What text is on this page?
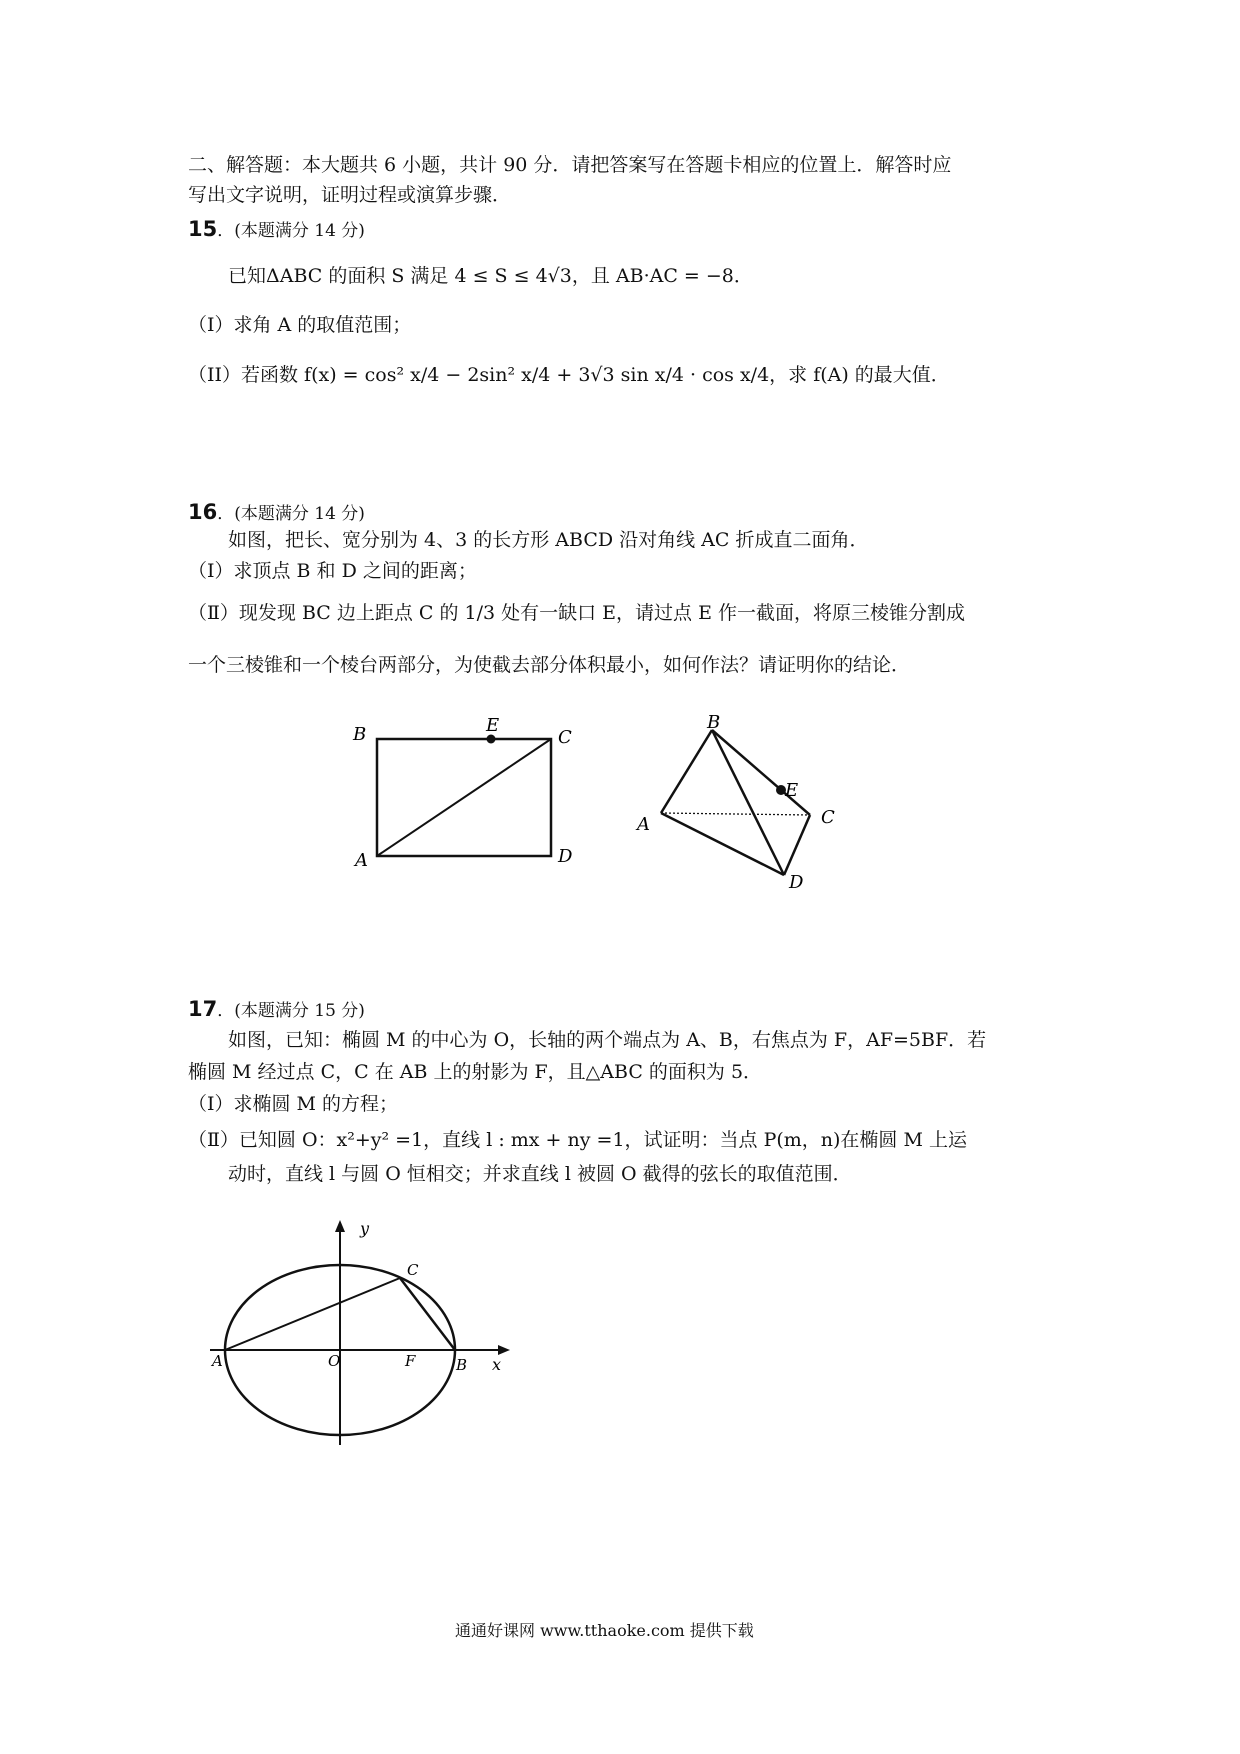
二、解答题：本大题共 6 小题，共计 90 分．请把答案写在答题卡相应的位置上．解答时应
写出文字说明，证明过程或演算步骤．
15．(本题满分 14 分)
已知ΔABC 的面积 S 满足 4 ≤ S ≤ 4√3，且 AB·AC = −8．
（I）求角 A 的取值范围；
（II）若函数 f(x) = cos² x/4 − 2sin² x/4 + 3√3 sin x/4 · cos x/4，求 f(A) 的最大值．
16．(本题满分 14 分)
如图，把长、宽分别为 4、3 的长方形 ABCD 沿对角线 AC 折成直二面角．
（Ⅰ）求顶点 B 和 D 之间的距离；
（Ⅱ）现发现 BC 边上距点 C 的 1/3 处有一缺口 E，请过点 E 作一截面，将原三棱锥分割成
一个三棱锥和一个棱台两部分，为使截去部分体积最小，如何作法？请证明你的结论．
B	E
C
A	D
B
E
C
A
D
17．(本题满分 15 分)
如图，已知：椭圆 M 的中心为 O，长轴的两个端点为 A、B，右焦点为 F，AF=5BF．若
椭圆 M 经过点 C，C 在 AB 上的射影为 F，且△ABC 的面积为 5．
（Ⅰ）求椭圆 M 的方程；
（Ⅱ）已知圆 O：x²+y² =1，直线 l : mx + ny =1，试证明：当点 P(m，n)在椭圆 M 上运
动时，直线 l 与圆 O 恒相交；并求直线 l 被圆 O 截得的弦长的取值范围．
y
x
C
A	O	F	B
通通好课网 www.tthaoke.com 提供下载
